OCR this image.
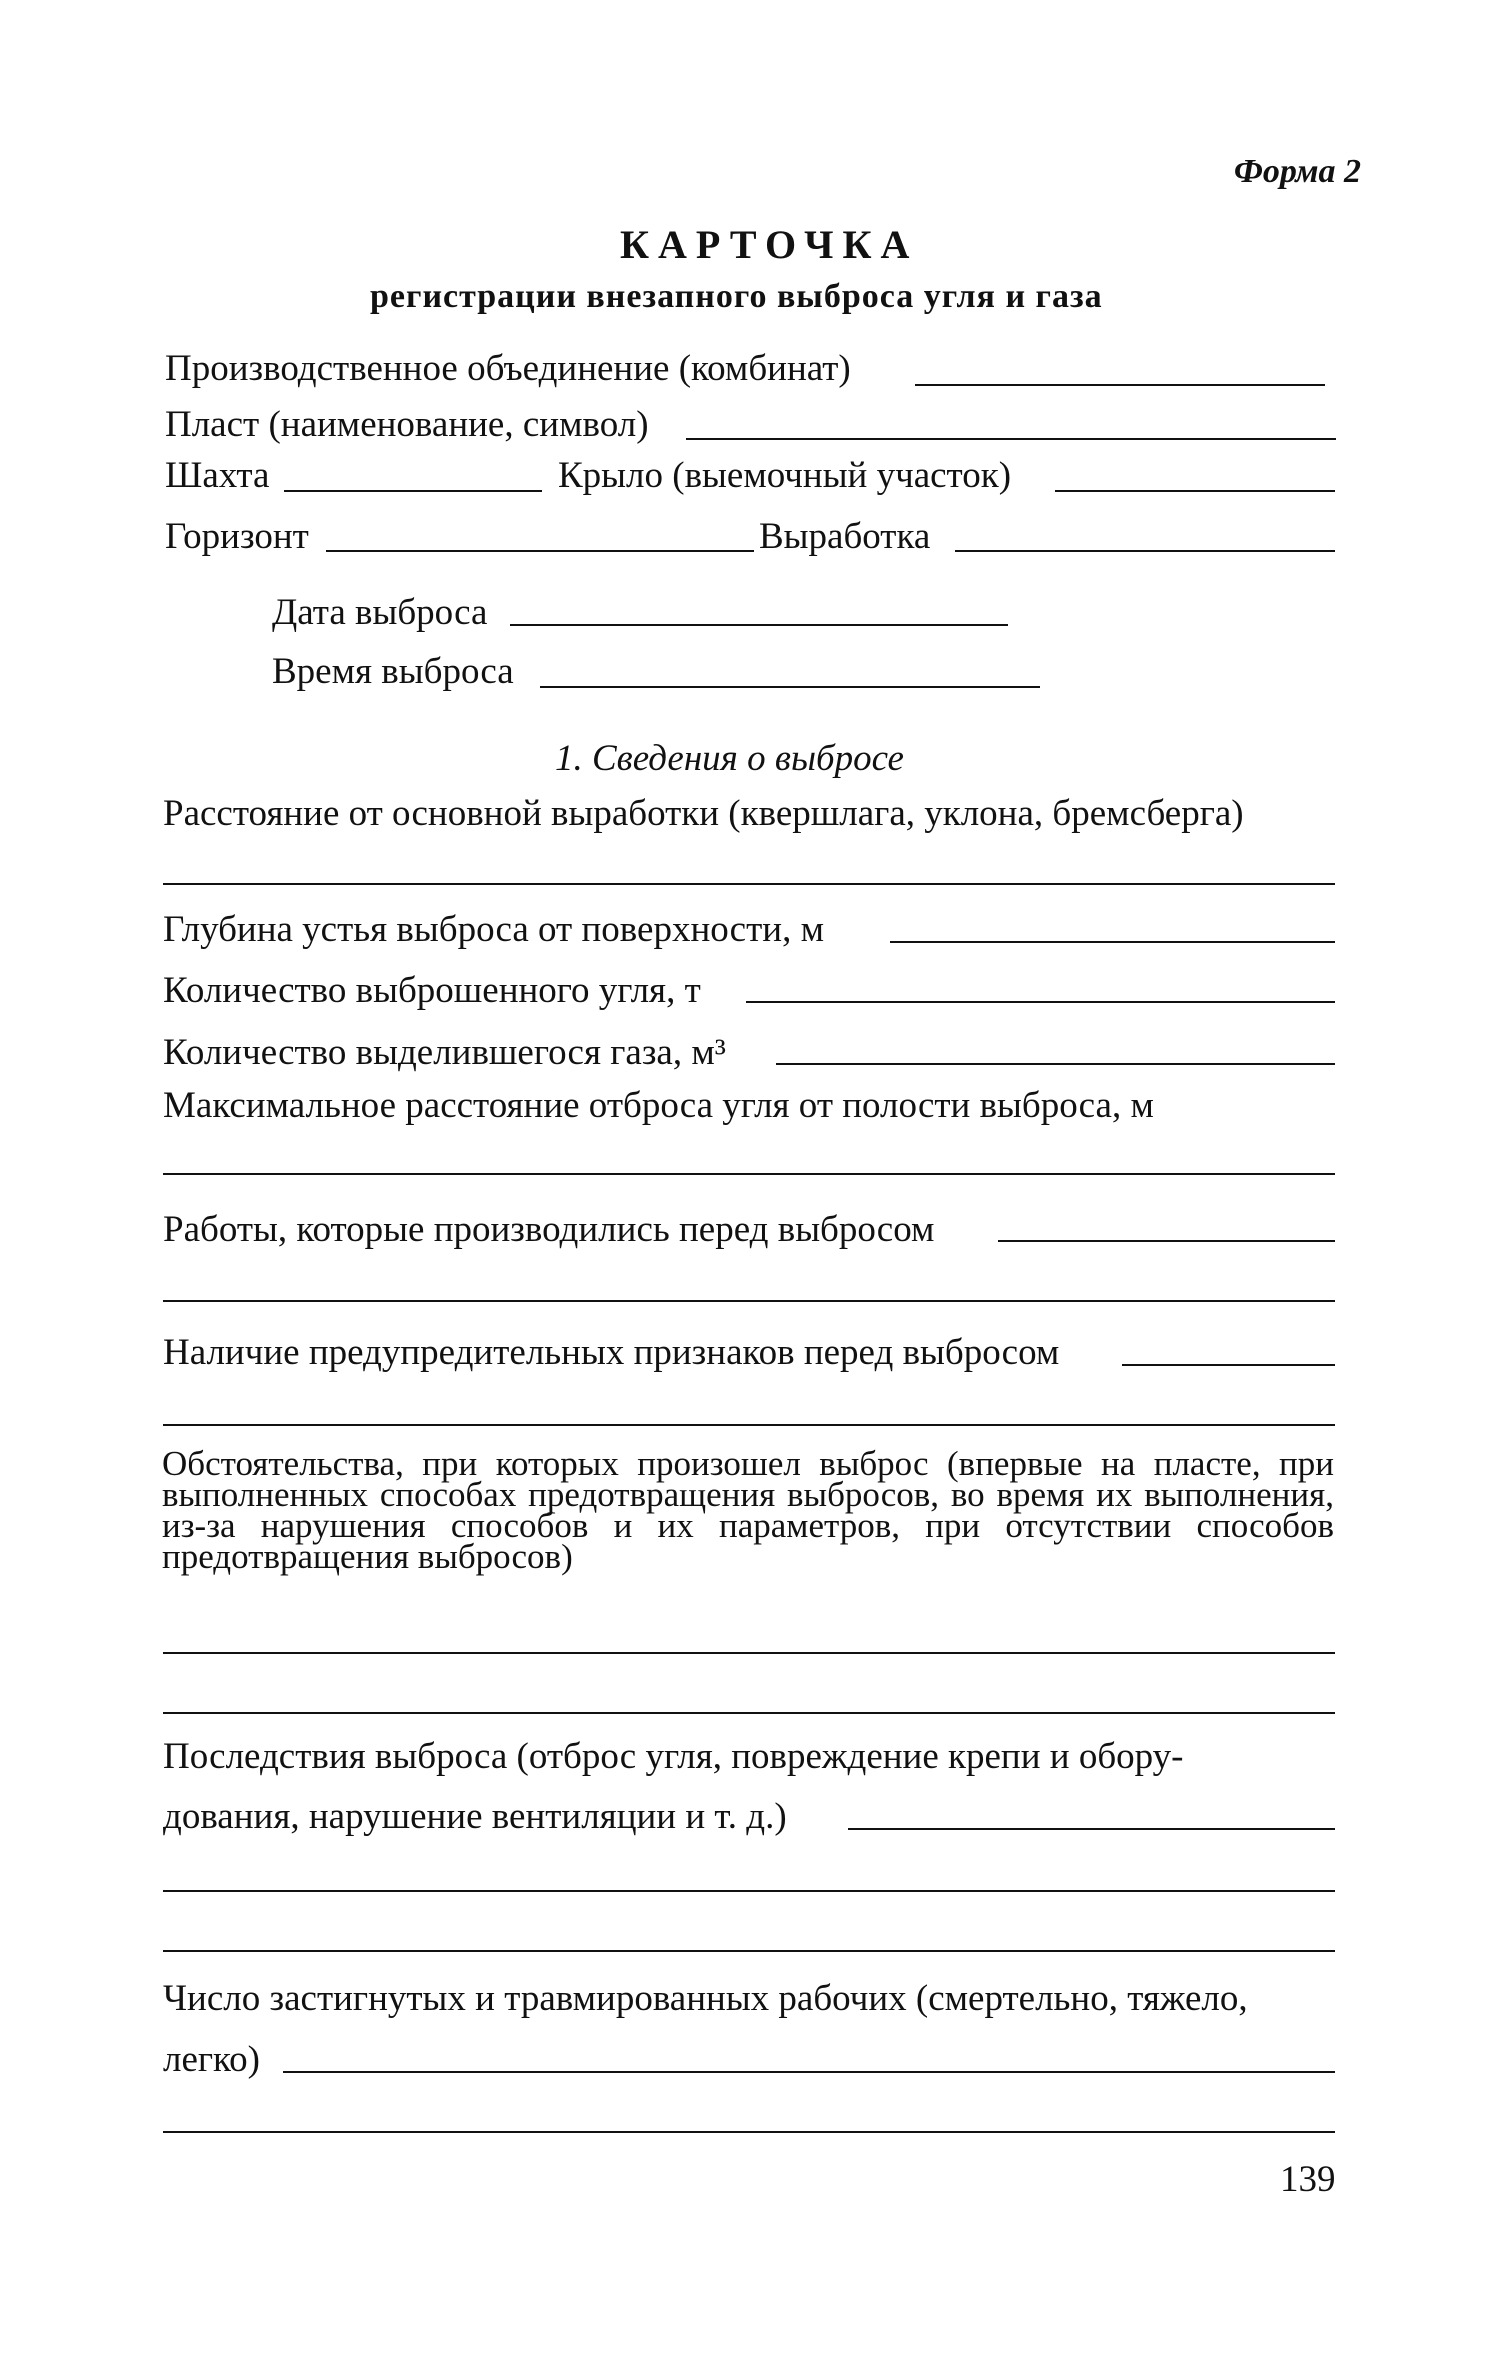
Форма 2
КАРТОЧКА
регистрации внезапного выброса угля и газа
Производственное объединение (комбинат)
Пласт (наименование, символ)
Шахта	Крыло (выемочный участок)
Горизонт	Выработка
Дата выброса
Время выброса
1. Сведения о выбросе
Расстояние от основной выработки (квершлага, уклона, бремсберга)
Глубина устья выброса от поверхности, м
Количество выброшенного угля, т
Количество выделившегося газа, м³
Максимальное расстояние отброса угля от полости выброса, м
Работы, которые производились перед выбросом
Наличие предупредительных признаков перед выбросом
Обстоятельства, при которых произошел выброс (впервые на пласте, при выполненных способах предотвращения выбросов, во время их выполнения, из-за нарушения способов и их параметров, при отсутствии способов предотвращения выбросов)
Последствия выброса (отброс угля, повреждение крепи и обору-
дования, нарушение вентиляции и т. д.)
Число застигнутых и травмированных рабочих (смертельно, тяжело,
легко)
139
